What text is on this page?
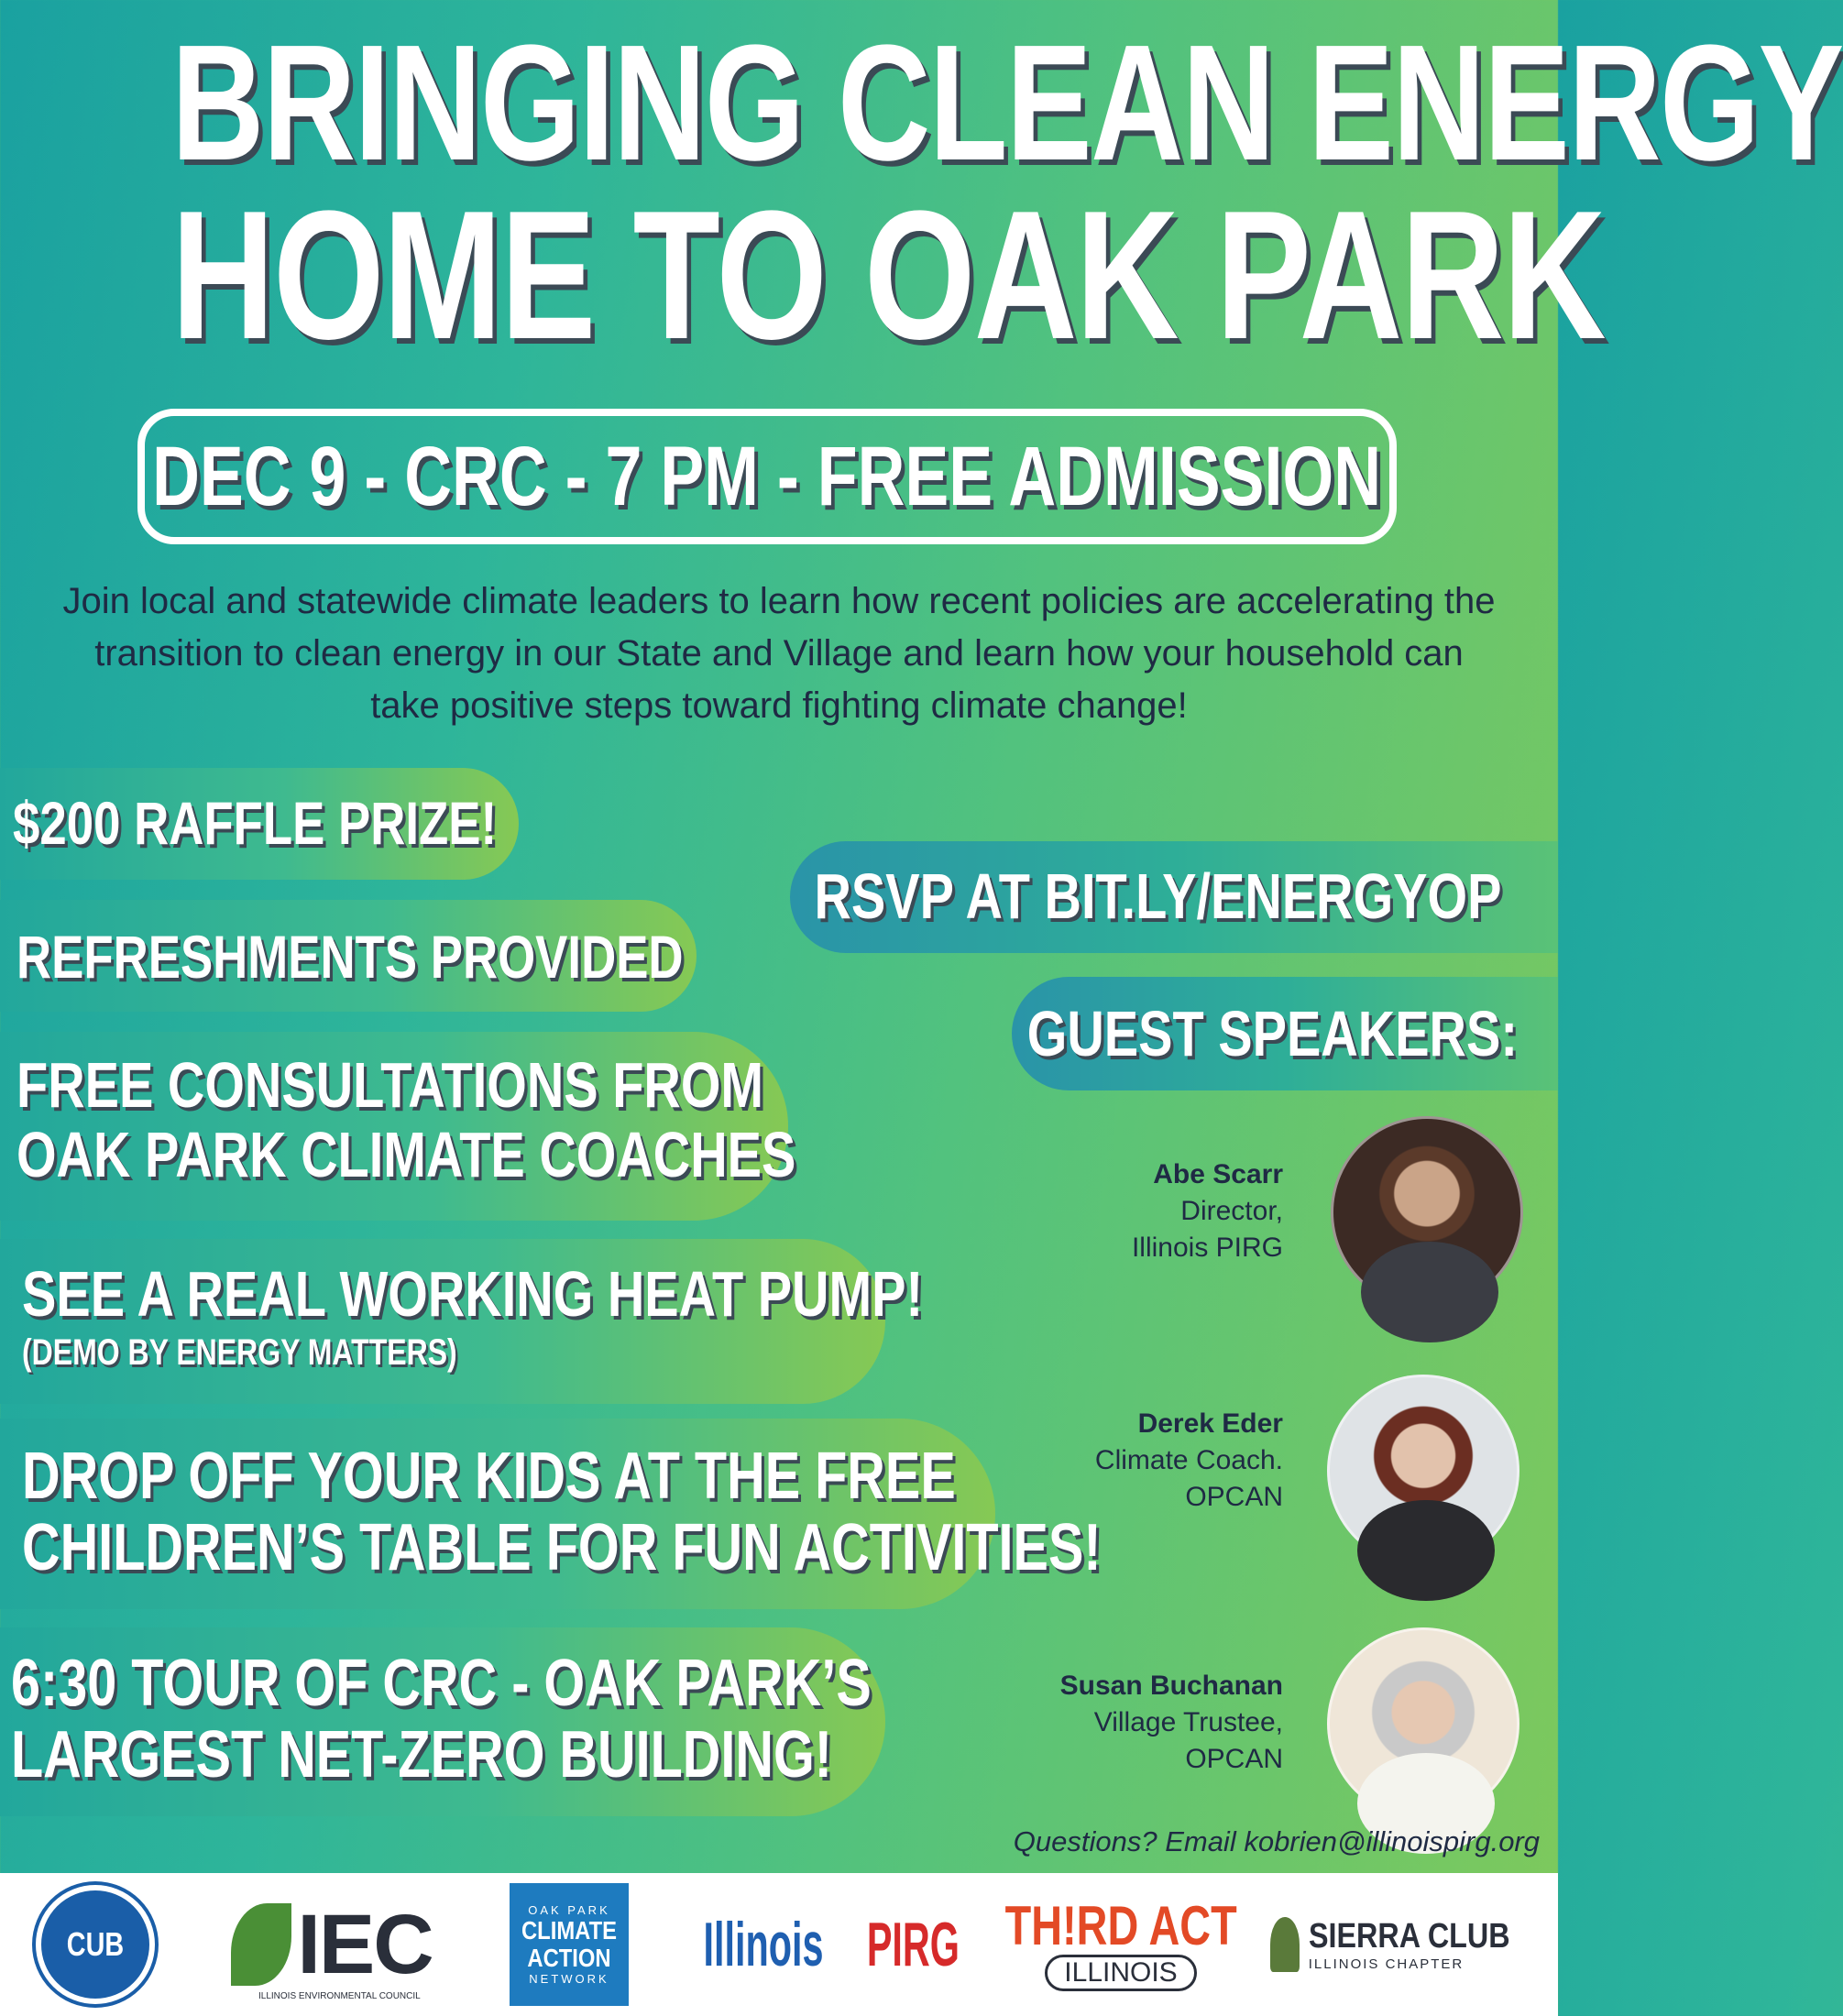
BRINGING CLEAN ENERGY
HOME TO OAK PARK
DEC 9 - CRC - 7 PM - FREE ADMISSION
Join local and statewide climate leaders to learn how recent policies are accelerating the transition to clean energy in our State and Village and learn how your household can take positive steps toward fighting climate change!
$200 RAFFLE PRIZE!
REFRESHMENTS PROVIDED
FREE CONSULTATIONS FROM
OAK PARK CLIMATE COACHES
SEE A REAL WORKING HEAT PUMP!
(DEMO BY ENERGY MATTERS)
DROP OFF YOUR KIDS AT THE FREE
CHILDREN’S TABLE FOR FUN ACTIVITIES!
6:30 TOUR OF CRC - OAK PARK’S
LARGEST NET-ZERO BUILDING!
RSVP AT BIT.LY/ENERGYOP
GUEST SPEAKERS:
Abe Scarr
Director,
Illinois PIRG
Derek Eder
Climate Coach.
OPCAN
Susan Buchanan
Village Trustee,
OPCAN
Questions? Email kobrien@illinoispirg.org
CUB IEC
ILLINOIS ENVIRONMENTAL COUNCIL
OAK PARK
CLIMATE
ACTION
NETWORK	Illinois PIRG TH!RD ACT
ILLINOIS
SIERRA CLUB
ILLINOIS CHAPTER
